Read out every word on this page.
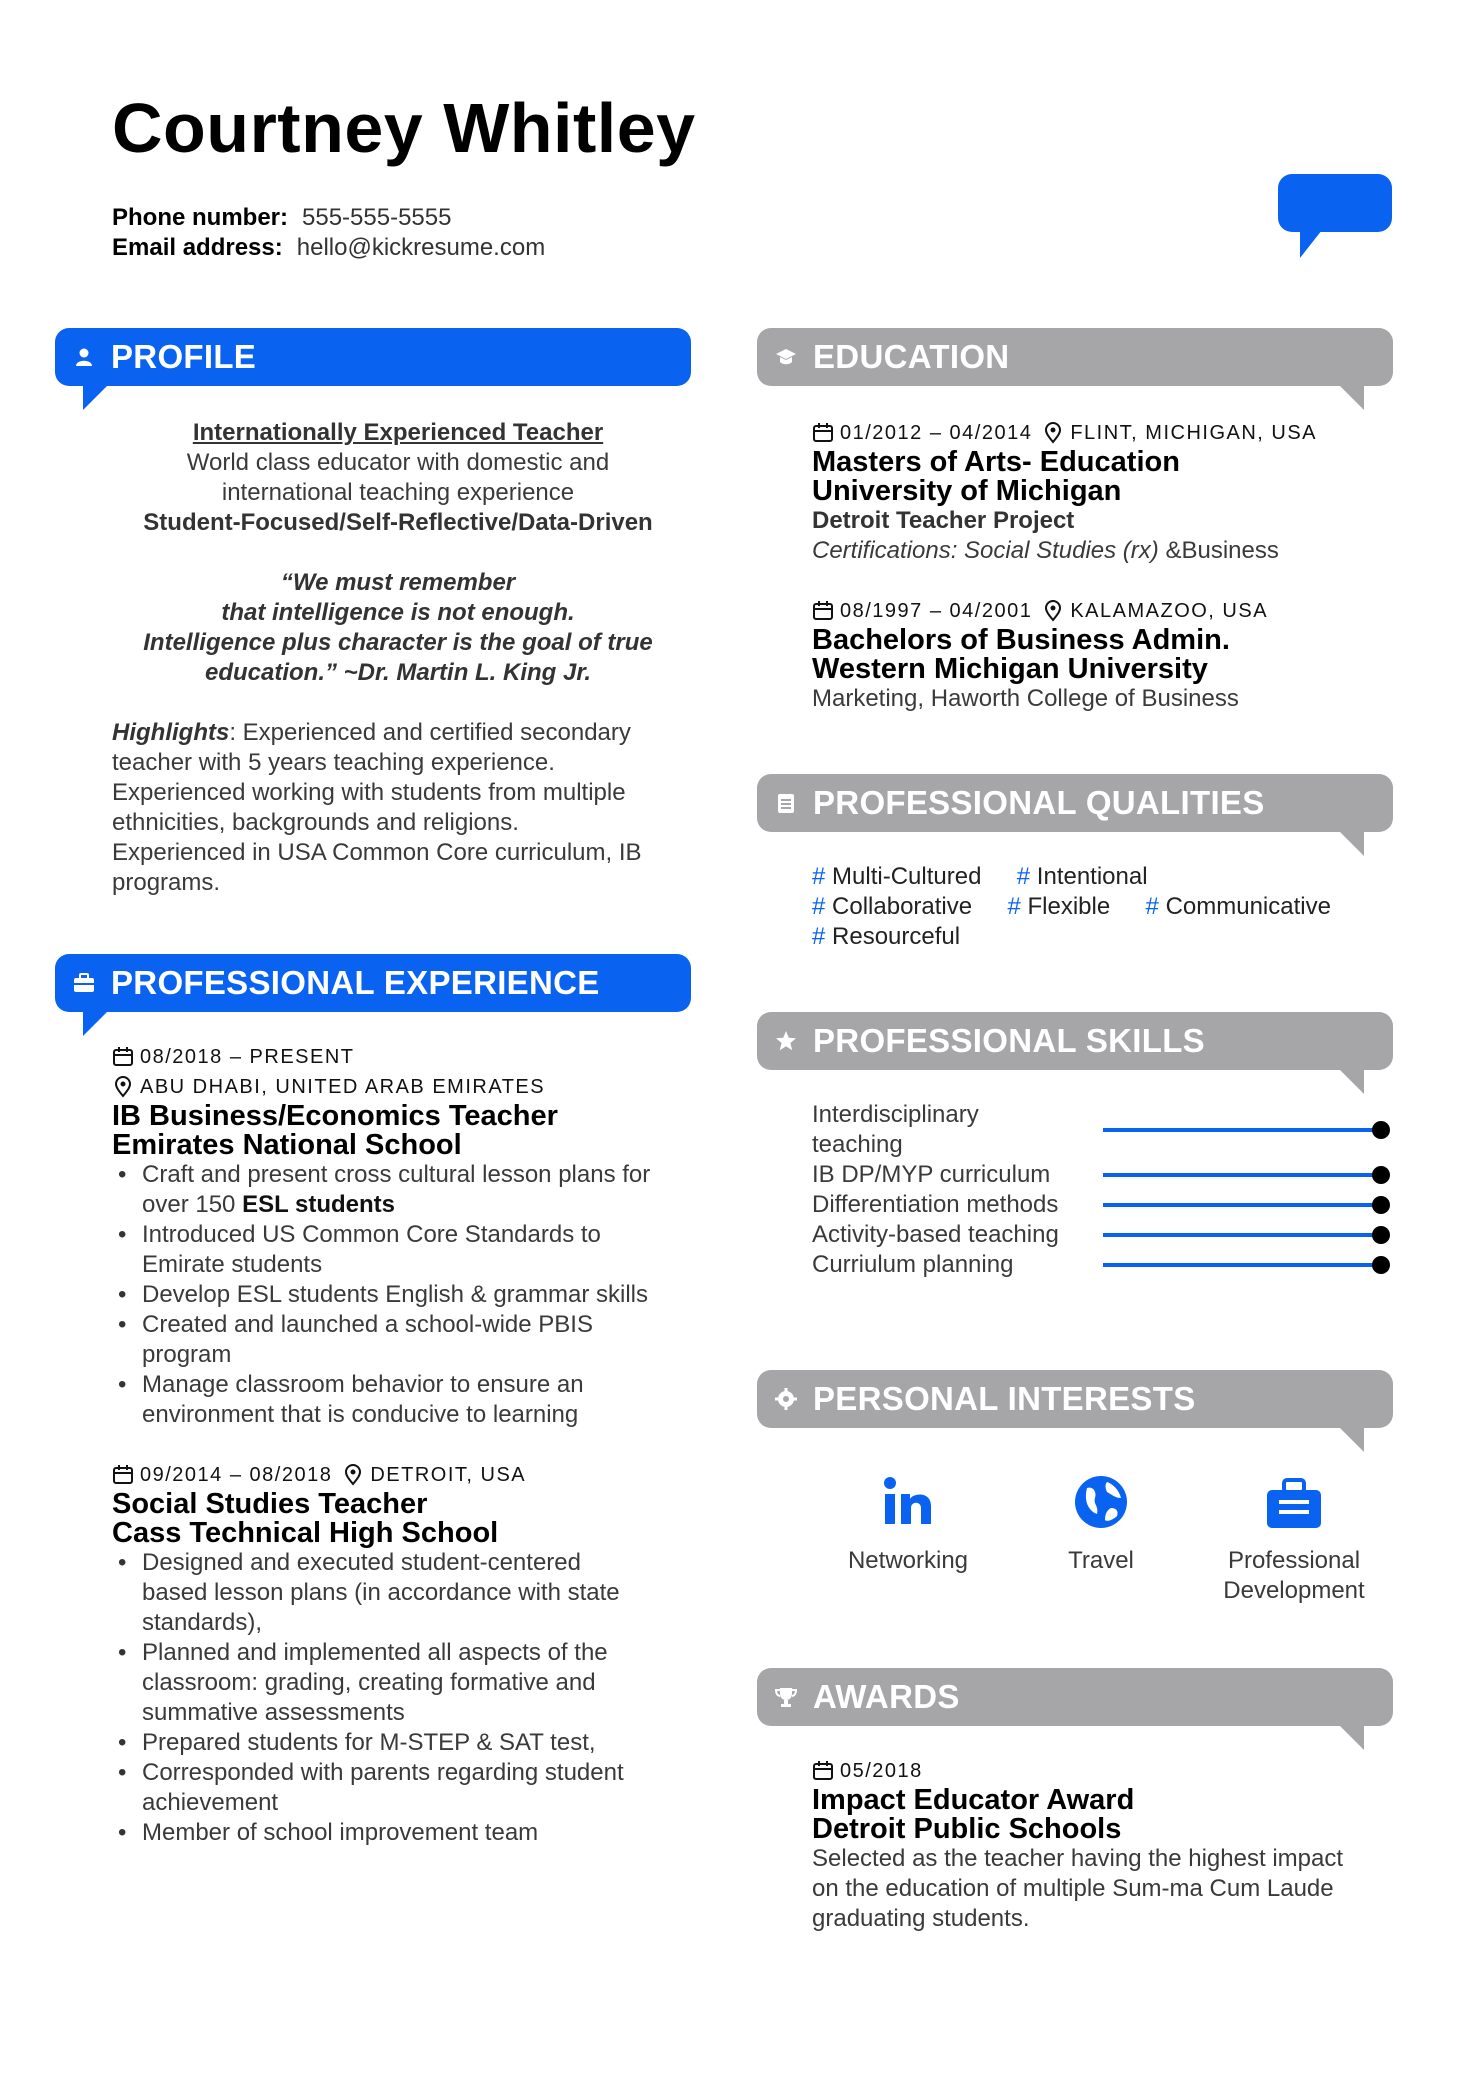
Courtney Whitley
Phone number: 555-555-5555
Email address: hello@kickresume.com
PROFILE
Internationally Experienced Teacher
World class educator with domestic and
international teaching experience
Student-Focused/Self-Reflective/Data-Driven
“We must remember
that intelligence is not enough.
Intelligence plus character is the goal of true
education.” ~Dr. Martin L. King Jr.
Highlights: Experienced and certified secondary
teacher with 5 years teaching experience.
Experienced working with students from multiple
ethnicities, backgrounds and religions.
Experienced in USA Common Core curriculum, IB
programs.
PROFESSIONAL EXPERIENCE
08/2018 – PRESENT
ABU DHABI, UNITED ARAB EMIRATES
IB Business/Economics Teacher
Emirates National School
• Craft and present cross cultural lesson plans for
over 150 ESL students
• Introduced US Common Core Standards to
Emirate students
• Develop ESL students English & grammar skills
• Created and launched a school-wide PBIS
program
• Manage classroom behavior to ensure an
environment that is conducive to learning
09/2014 – 08/2018 DETROIT, USA
Social Studies Teacher
Cass Technical High School
• Designed and executed student-centered
based lesson plans (in accordance with state
standards),
• Planned and implemented all aspects of the
classroom: grading, creating formative and
summative assessments
• Prepared students for M-STEP & SAT test,
• Corresponded with parents regarding student
achievement
• Member of school improvement team
EDUCATION
01/2012 – 04/2014 FLINT, MICHIGAN, USA
Masters of Arts- Education
University of Michigan
Detroit Teacher Project
Certifications: Social Studies (rx) &Business
08/1997 – 04/2001 KALAMAZOO, USA
Bachelors of Business Admin.
Western Michigan University
Marketing, Haworth College of Business
PROFESSIONAL QUALITIES
# Multi-Cultured # Intentional
# Collaborative # Flexible # Communicative
# Resourceful
PROFESSIONAL SKILLS
Interdisciplinary
teaching
IB DP/MYP curriculum
Differentiation methods
Activity-based teaching
Curriulum planning
PERSONAL INTERESTS
Networking	Travel	Professional
Development
AWARDS
05/2018
Impact Educator Award
Detroit Public Schools
Selected as the teacher having the highest impact
on the education of multiple Sum-ma Cum Laude
graduating students.
